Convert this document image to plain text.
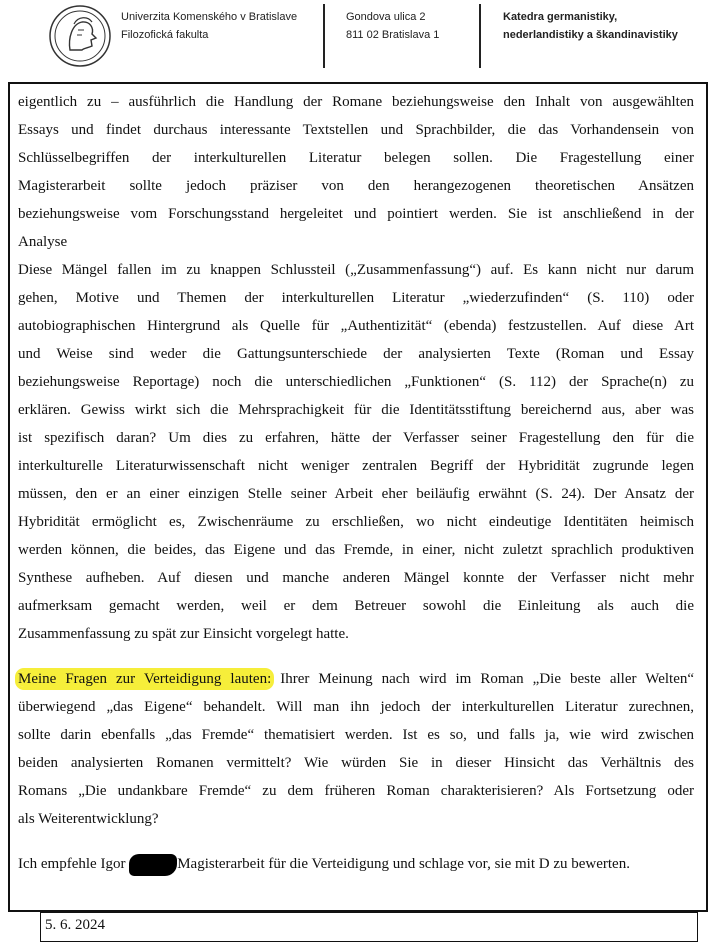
Univerzita Komenského v Bratislave
Filozofická fakulta
Gondova ulica 2
811 02 Bratislava 1
Katedra germanistiky,
nederlandistiky a škandinavistiky
eigentlich zu – ausführlich die Handlung der Romane beziehungsweise den Inhalt von ausgewählten
Essays und findet durchaus interessante Textstellen und Sprachbilder, die das Vorhandensein von
Schlüsselbegriffen der interkulturellen Literatur belegen sollen. Die Fragestellung einer
Magisterarbeit sollte jedoch präziser von den herangezogenen theoretischen Ansätzen
beziehungsweise vom Forschungsstand hergeleitet und pointiert werden. Sie ist anschließend in der
Analyse
Diese Mängel fallen im zu knappen Schlussteil („Zusammenfassung“) auf. Es kann nicht nur darum
gehen, Motive und Themen der interkulturellen Literatur „wiederzufinden“ (S. 110) oder
autobiographischen Hintergrund als Quelle für „Authentizität“ (ebenda) festzustellen. Auf diese Art
und Weise sind weder die Gattungsunterschiede der analysierten Texte (Roman und Essay
beziehungsweise Reportage) noch die unterschiedlichen „Funktionen“ (S. 112) der Sprache(n) zu
erklären. Gewiss wirkt sich die Mehrsprachigkeit für die Identitätsstiftung bereichernd aus, aber was
ist spezifisch daran? Um dies zu erfahren, hätte der Verfasser seiner Fragestellung den für die
interkulturelle Literaturwissenschaft nicht weniger zentralen Begriff der Hybridität zugrunde legen
müssen, den er an einer einzigen Stelle seiner Arbeit eher beiläufig erwähnt (S. 24). Der Ansatz der
Hybridität ermöglicht es, Zwischenräume zu erschließen, wo nicht eindeutige Identitäten heimisch
werden können, die beides, das Eigene und das Fremde, in einer, nicht zuletzt sprachlich produktiven
Synthese aufheben. Auf diesen und manche anderen Mängel konnte der Verfasser nicht mehr
aufmerksam gemacht werden, weil er dem Betreuer sowohl die Einleitung als auch die
Zusammenfassung zu spät zur Einsicht vorgelegt hatte.
Meine Fragen zur Verteidigung lauten: Ihrer Meinung nach wird im Roman „Die beste aller Welten“
überwiegend „das Eigene“ behandelt. Will man ihn jedoch der interkulturellen Literatur zurechnen,
sollte darin ebenfalls „das Fremde“ thematisiert werden. Ist es so, und falls ja, wie wird zwischen
beiden analysierten Romanen vermittelt? Wie würden Sie in dieser Hinsicht das Verhältnis des
Romans „Die undankbare Fremde“ zu dem früheren Roman charakterisieren? Als Fortsetzung oder
als Weiterentwicklung?
Ich empfehle Igor	Magisterarbeit für die Verteidigung und schlage vor, sie mit D zu bewerten.
5. 6. 2024
